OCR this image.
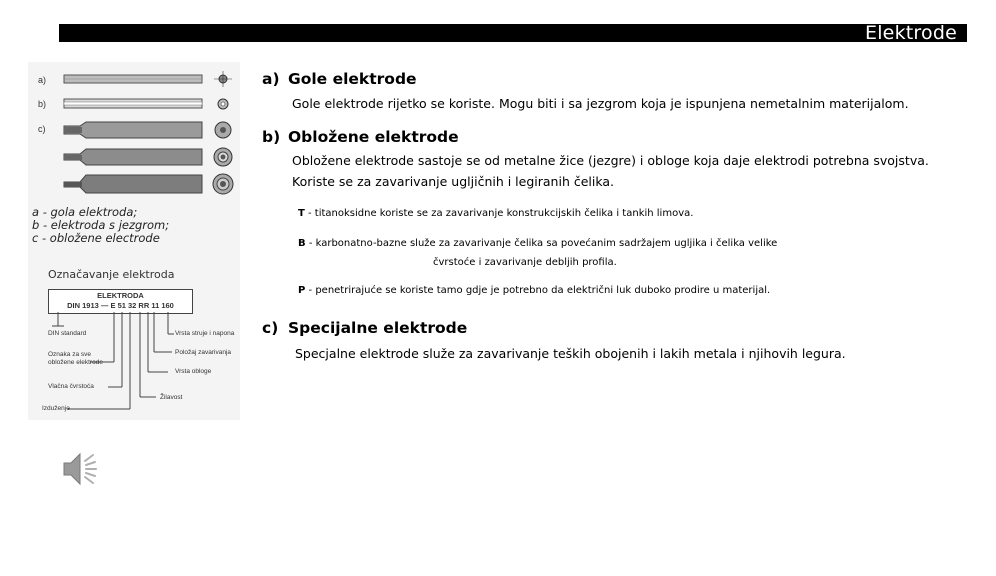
Elektrode
a)
b)
c)
a - gola elektroda;
b - elektroda s jezgrom;
c - obložene electrode
Označavanje elektroda
ELEKTRODA
DIN 1913 — E 51 32 RR 11 160
DIN standard
Oznaka za sve
obložene elektrode
Vlačna čvrstoća
Izduženje
Vrsta struje i napona
Položaj zavarivanja
Vrsta obloge
Žilavost
a) Gole elektrode
Gole elektrode rijetko se koriste. Mogu biti i sa jezgrom koja je ispunjena nemetalnim materijalom.
b) Obložene elektrode
Obložene elektrode sastoje se od metalne žice (jezgre) i obloge koja daje elektrodi potrebna svojstva.
Koriste se za zavarivanje ugljičnih i legiranih čelika.
T - titanoksidne koriste se za zavarivanje konstrukcijskih čelika i tankih limova.
B - karbonatno-bazne služe za zavarivanje čelika sa povećanim sadržajem ugljika i čelika velike
čvrstoće i zavarivanje debljih profila.
P - penetrirajuće se koriste tamo gdje je potrebno da električni luk duboko prodire u materijal.
c) Specijalne elektrode
Specjalne elektrode služe za zavarivanje teških obojenih i lakih metala i njihovih legura.
